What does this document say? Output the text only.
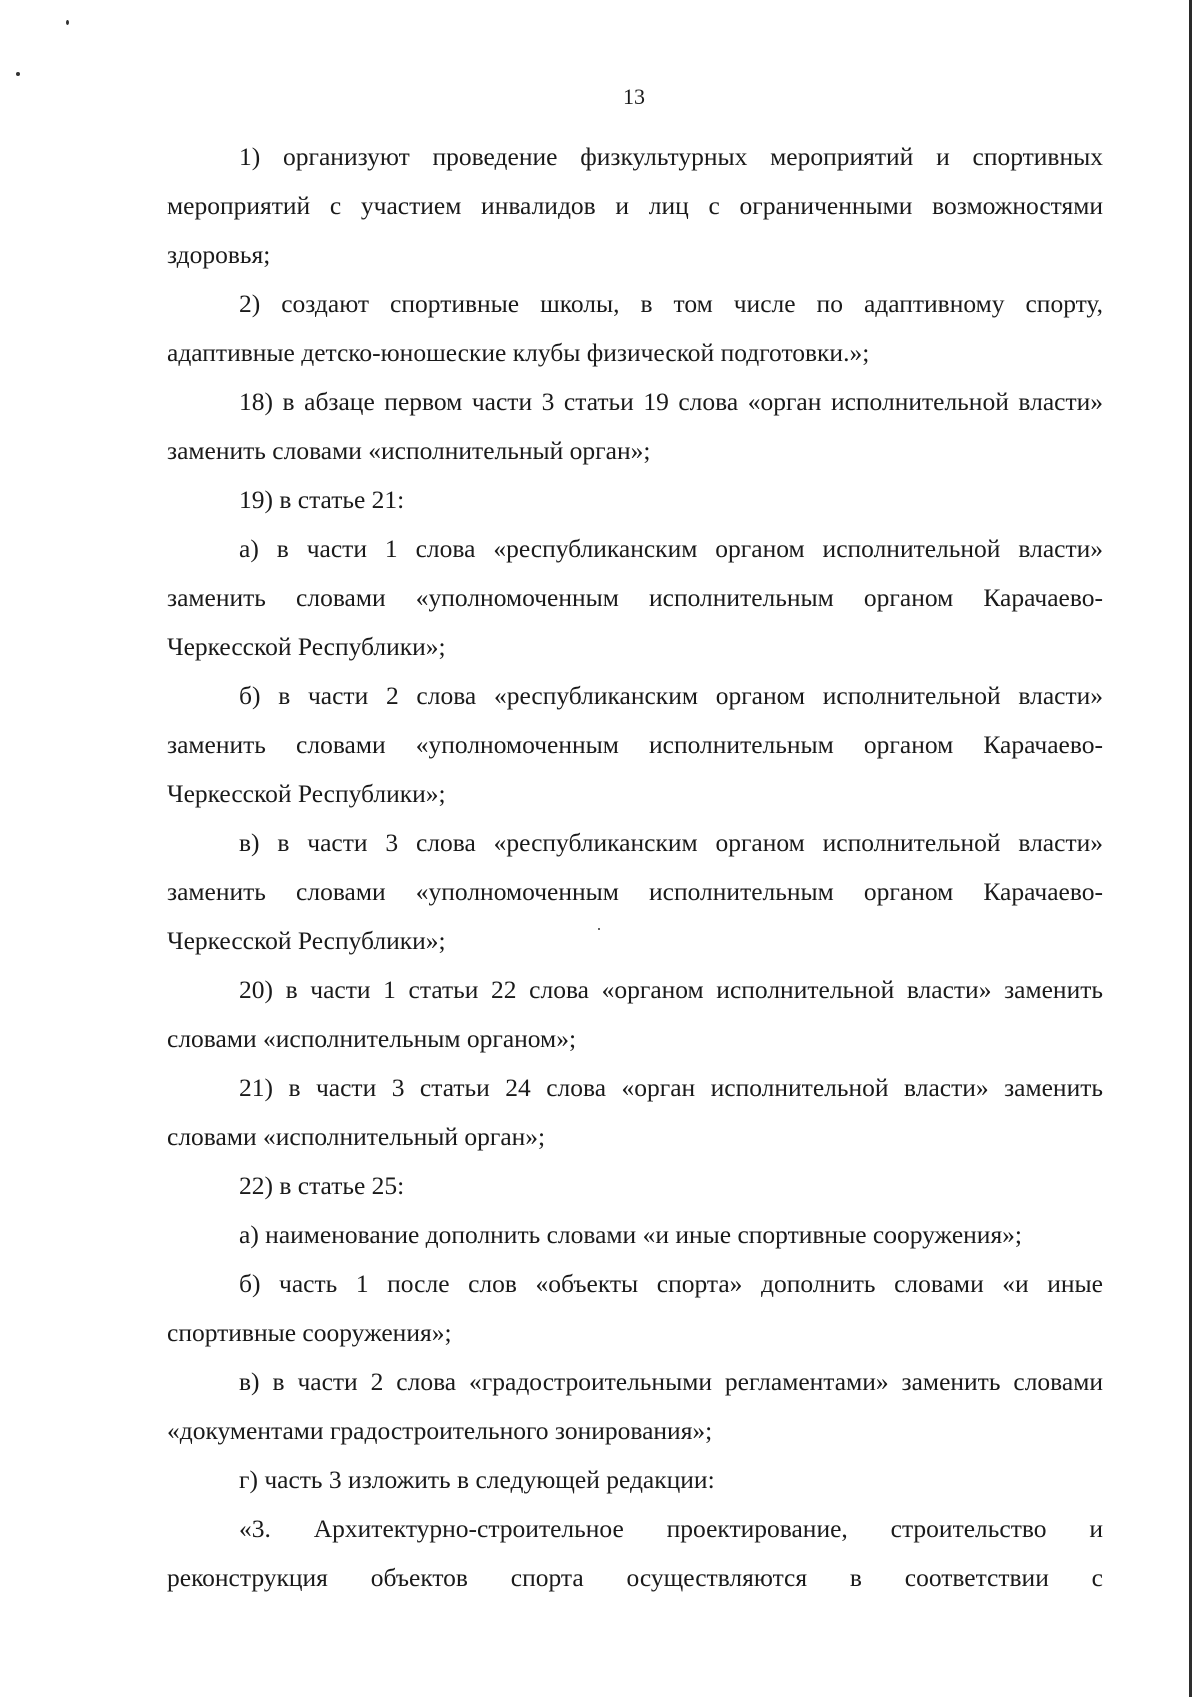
13

1) организуют проведение физкультурных мероприятий и спортивных мероприятий с участием инвалидов и лиц с ограниченными возможностями здоровья;

2) создают спортивные школы, в том числе по адаптивному спорту, адаптивные детско-юношеские клубы физической подготовки.»;

18) в абзаце первом части 3 статьи 19 слова «орган исполнительной власти» заменить словами «исполнительный орган»;

19) в статье 21:

а) в части 1 слова «республиканским органом исполнительной власти» заменить словами «уполномоченным исполнительным органом Карачаево-Черкесской Республики»;

б) в части 2 слова «республиканским органом исполнительной власти» заменить словами «уполномоченным исполнительным органом Карачаево-Черкесской Республики»;

в) в части 3 слова «республиканским органом исполнительной власти» заменить словами «уполномоченным исполнительным органом Карачаево-Черкесской Республики»;

20) в части 1 статьи 22 слова «органом исполнительной власти» заменить словами «исполнительным органом»;

21) в части 3 статьи 24 слова «орган исполнительной власти» заменить словами «исполнительный орган»;

22) в статье 25:

а) наименование дополнить словами «и иные спортивные сооружения»;

б) часть 1 после слов «объекты спорта» дополнить словами «и иные спортивные сооружения»;

в) в части 2 слова «градостроительными регламентами» заменить словами «документами градостроительного зонирования»;

г) часть 3 изложить в следующей редакции:

«3. Архитектурно-строительное проектирование, строительство и реконструкция объектов спорта осуществляются в соответствии с
